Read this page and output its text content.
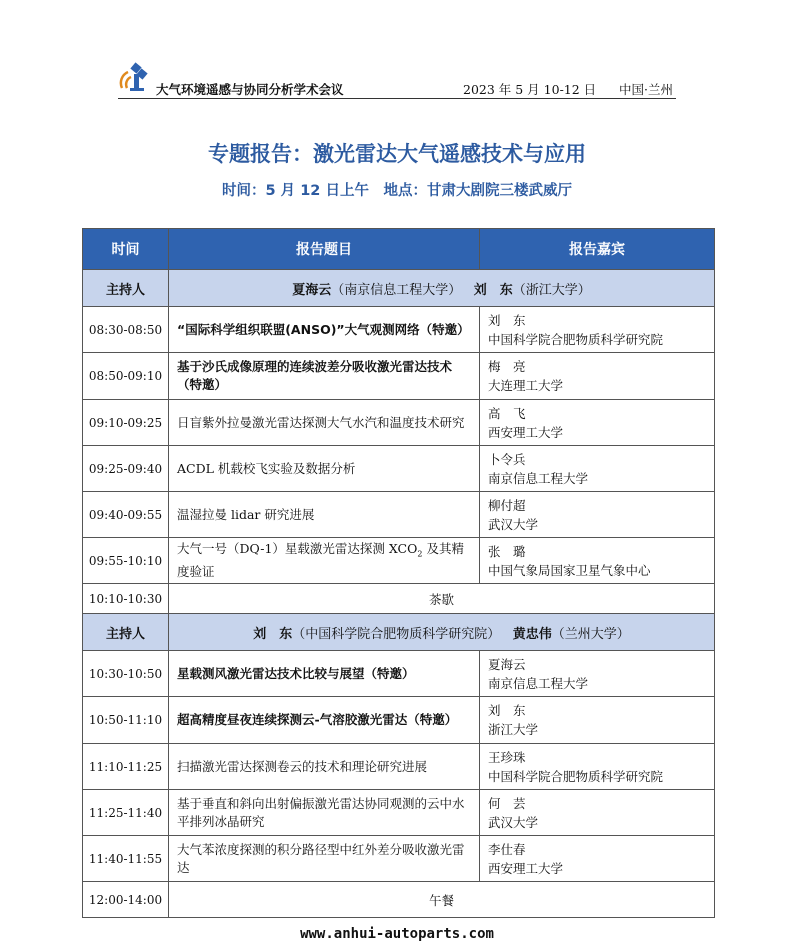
大气环境遥感与协同分析学术会议	2023 年 5 月 10-12 日 中国·兰州
专题报告：激光雷达大气遥感技术与应用
时间：5 月 12 日上午　地点：甘肃大剧院三楼武威厅
时间	报告题目	报告嘉宾
主持人	夏海云（南京信息工程大学） 刘　东（浙江大学）	
08:30-08:50	“国际科学组织联盟(ANSO)”大气观测网络（特邀）	刘　东
中国科学院合肥物质科学研究院

08:50-09:10	基于沙氏成像原理的连续波差分吸收激光雷达技术（特邀）	梅　亮
大连理工大学

09:10-09:25	日盲紫外拉曼激光雷达探测大气水汽和温度技术研究	高　飞
西安理工大学

09:25-09:40	ACDL 机载校飞实验及数据分析	卜令兵
南京信息工程大学

09:40-09:55	温湿拉曼 lidar 研究进展	柳付超
武汉大学

09:55-10:10	大气一号（DQ-1）星载激光雷达探测 $XCO_2$ 及其精度验证	张　璐
中国气象局国家卫星气象中心

10:10-10:30	茶歇	
主持人	刘　东（中国科学院合肥物质科学研究院） 黄忠伟（兰州大学）	
10:30-10:50	星载测风激光雷达技术比较与展望（特邀）	夏海云
南京信息工程大学

10:50-11:10	超高精度昼夜连续探测云-气溶胶激光雷达（特邀）	刘　东
浙江大学

11:10-11:25	扫描激光雷达探测卷云的技术和理论研究进展	王珍珠
中国科学院合肥物质科学研究院

11:25-11:40	基于垂直和斜向出射偏振激光雷达协同观测的云中水平排列冰晶研究	何　芸
武汉大学

11:40-11:55	大气苯浓度探测的积分路径型中红外差分吸收激光雷达	李仕春
西安理工大学

12:00-14:00	午餐	
www.anhui-autoparts.com
